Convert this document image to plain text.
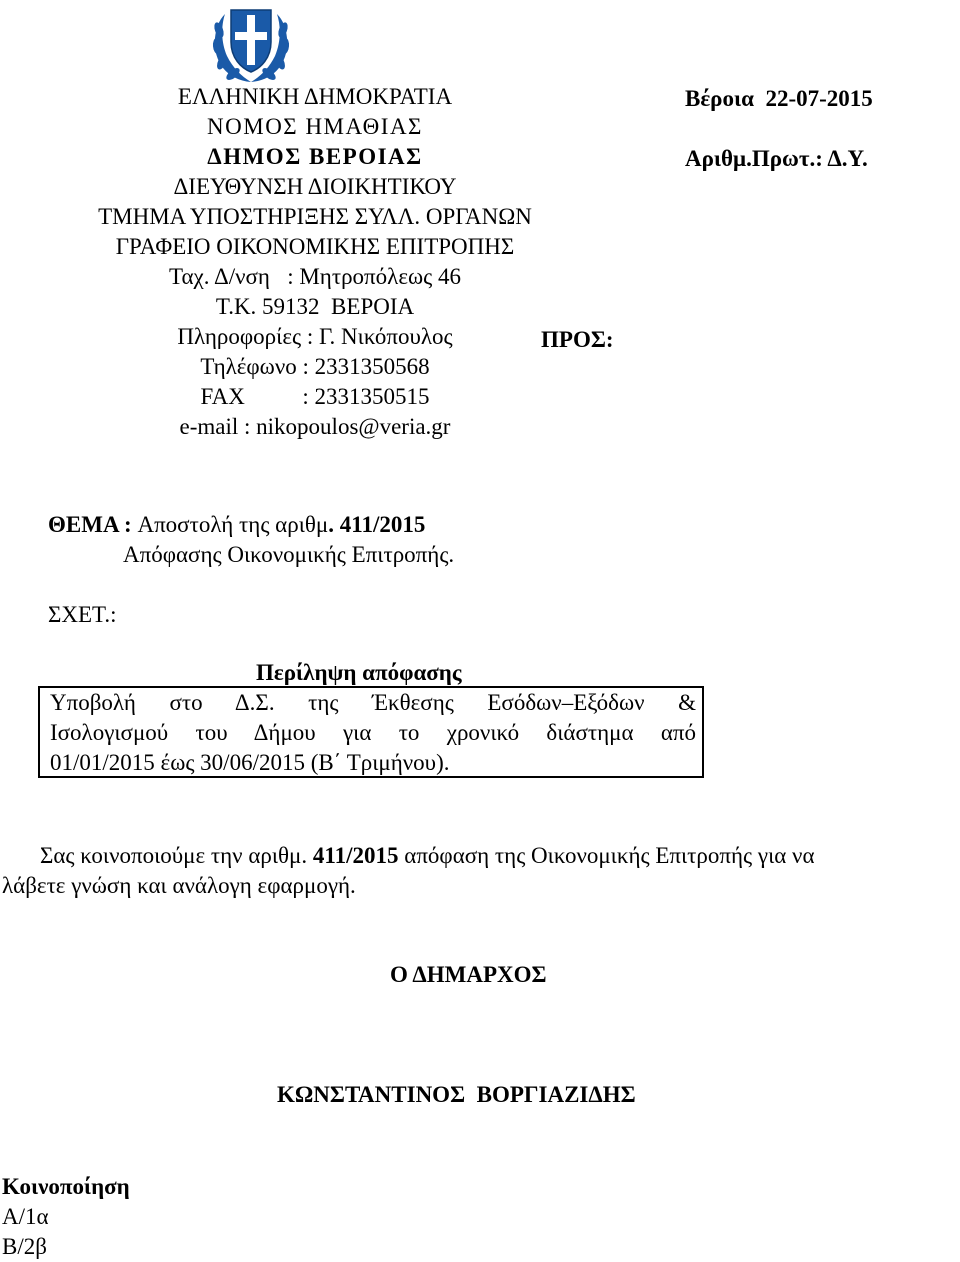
ΕΛΛΗΝΙΚΗ ΔΗΜΟΚΡΑΤΙΑ
ΝΟΜΟΣ ΗΜΑΘΙΑΣ
ΔΗΜΟΣ ΒΕΡΟΙΑΣ
ΔΙΕΥΘΥΝΣΗ ΔΙΟΙΚΗΤΙΚΟΥ
ΤΜΗΜΑ ΥΠΟΣΤΗΡΙΞΗΣ ΣΥΛΛ. ΟΡΓΑΝΩΝ
ΓΡΑΦΕΙΟ ΟΙΚΟΝΟΜΙΚΗΣ ΕΠΙΤΡΟΠΗΣ
Ταχ. Δ/νση   : Μητροπόλεως 46
Τ.Κ. 59132  ΒΕΡΟΙΑ
Πληροφορίες : Γ. Νικόπουλος
Τηλέφωνο : 2331350568
FAX          : 2331350515
e-mail : nikopoulos@veria.gr
Βέροια  22-07-2015
Αριθμ.Πρωτ.: Δ.Υ.
ΠΡΟΣ:
ΘΕΜΑ : Αποστολή της αριθμ. 411/2015
Απόφασης Οικονομικής Επιτροπής.
ΣΧΕΤ.:
Περίληψη απόφασης
Υποβολή στο Δ.Σ. της Έκθεσης Εσόδων–Εξόδων &
Ισολογισμού του Δήμου για το χρονικό διάστημα από
01/01/2015 έως 30/06/2015 (Β΄ Τριμήνου).
Σας κοινοποιούμε την αριθμ. 411/2015 απόφαση της Οικονομικής Επιτροπής για να
λάβετε γνώση και ανάλογη εφαρμογή.
Ο ΔΗΜΑΡΧΟΣ
ΚΩΝΣΤΑΝΤΙΝΟΣ  ΒΟΡΓΙΑΖΙΔΗΣ
Κοινοποίηση
Α/1α
Β/2β
